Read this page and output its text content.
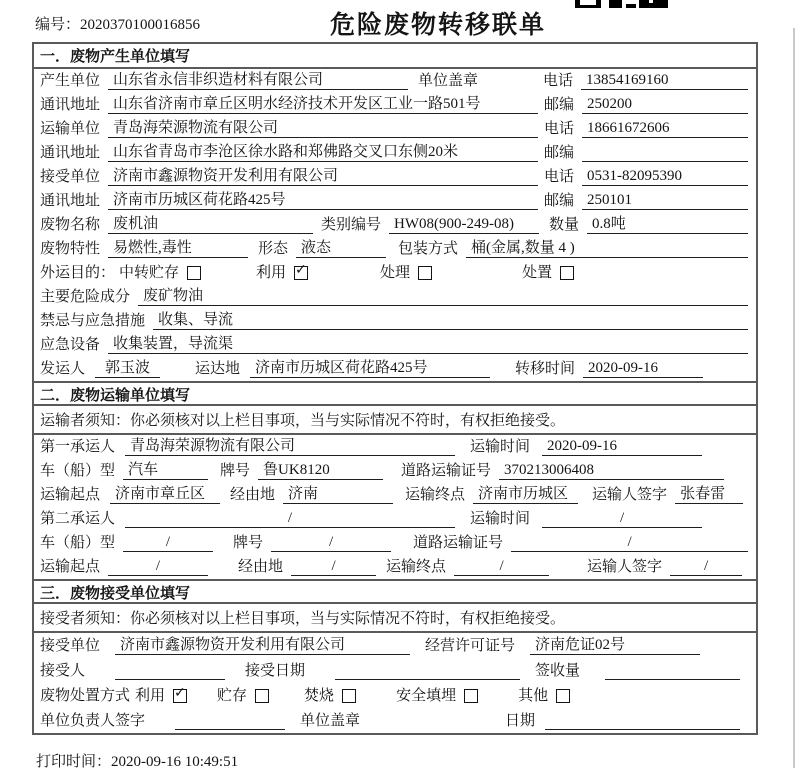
编号：2020370100016856	危险废物转移联单
一．废物产生单位填写
产生单位 山东省永信非织造材料有限公司	单位盖章	电话 13854169160
通讯地址 山东省济南市章丘区明水经济技术开发区工业一路501号	邮编 250200
运输单位 青岛海荣源物流有限公司	电话 18661672606
通讯地址 山东省青岛市李沧区徐水路和郑佛路交叉口东侧20米	邮编
接受单位 济南市鑫源物资开发利用有限公司	电话 0531-82095390
通讯地址 济南市历城区荷花路425号	邮编 250101
废物名称 废机油	类别编号 HW08(900-249-08)	数量 0.8吨
废物特性 易燃性,毒性	形态 液态	包装方式 桶(金属,数量 4 )
外运目的： 中转贮存	利用 ✓	处理	处置
主要危险成分 废矿物油
禁忌与应急措施 收集、导流
应急设备 收集装置，导流渠
发运人	郭玉波	运达地	济南市历城区荷花路425号	转移时间 2020-09-16
二．废物运输单位填写
运输者须知：你必须核对以上栏目事项，当与实际情况不符时，有权拒绝接受。
第一承运人	青岛海荣源物流有限公司	运输时间	2020-09-16
车（船）型 汽车	牌号 鲁UK8120	道路运输证号 370213006408
运输起点	济南市章丘区	经由地 济南	运输终点 济南市历城区	运输人签字 张春雷
第二承运人	/	运输时间	/
车（船）型	/	牌号	/	道路运输证号	/
运输起点	/	经由地	/	运输终点	/	运输人签字	/
三．废物接受单位填写
接受者须知：你必须核对以上栏目事项，当与实际情况不符时，有权拒绝接受。
接受单位	济南市鑫源物资开发利用有限公司	经营许可证号	济南危证02号
接受人	接受日期	签收量
废物处置方式 利用 ✓	贮存	焚烧	安全填埋	其他
单位负责人签字	单位盖章	日期
打印时间：2020-09-16 10:49:51
